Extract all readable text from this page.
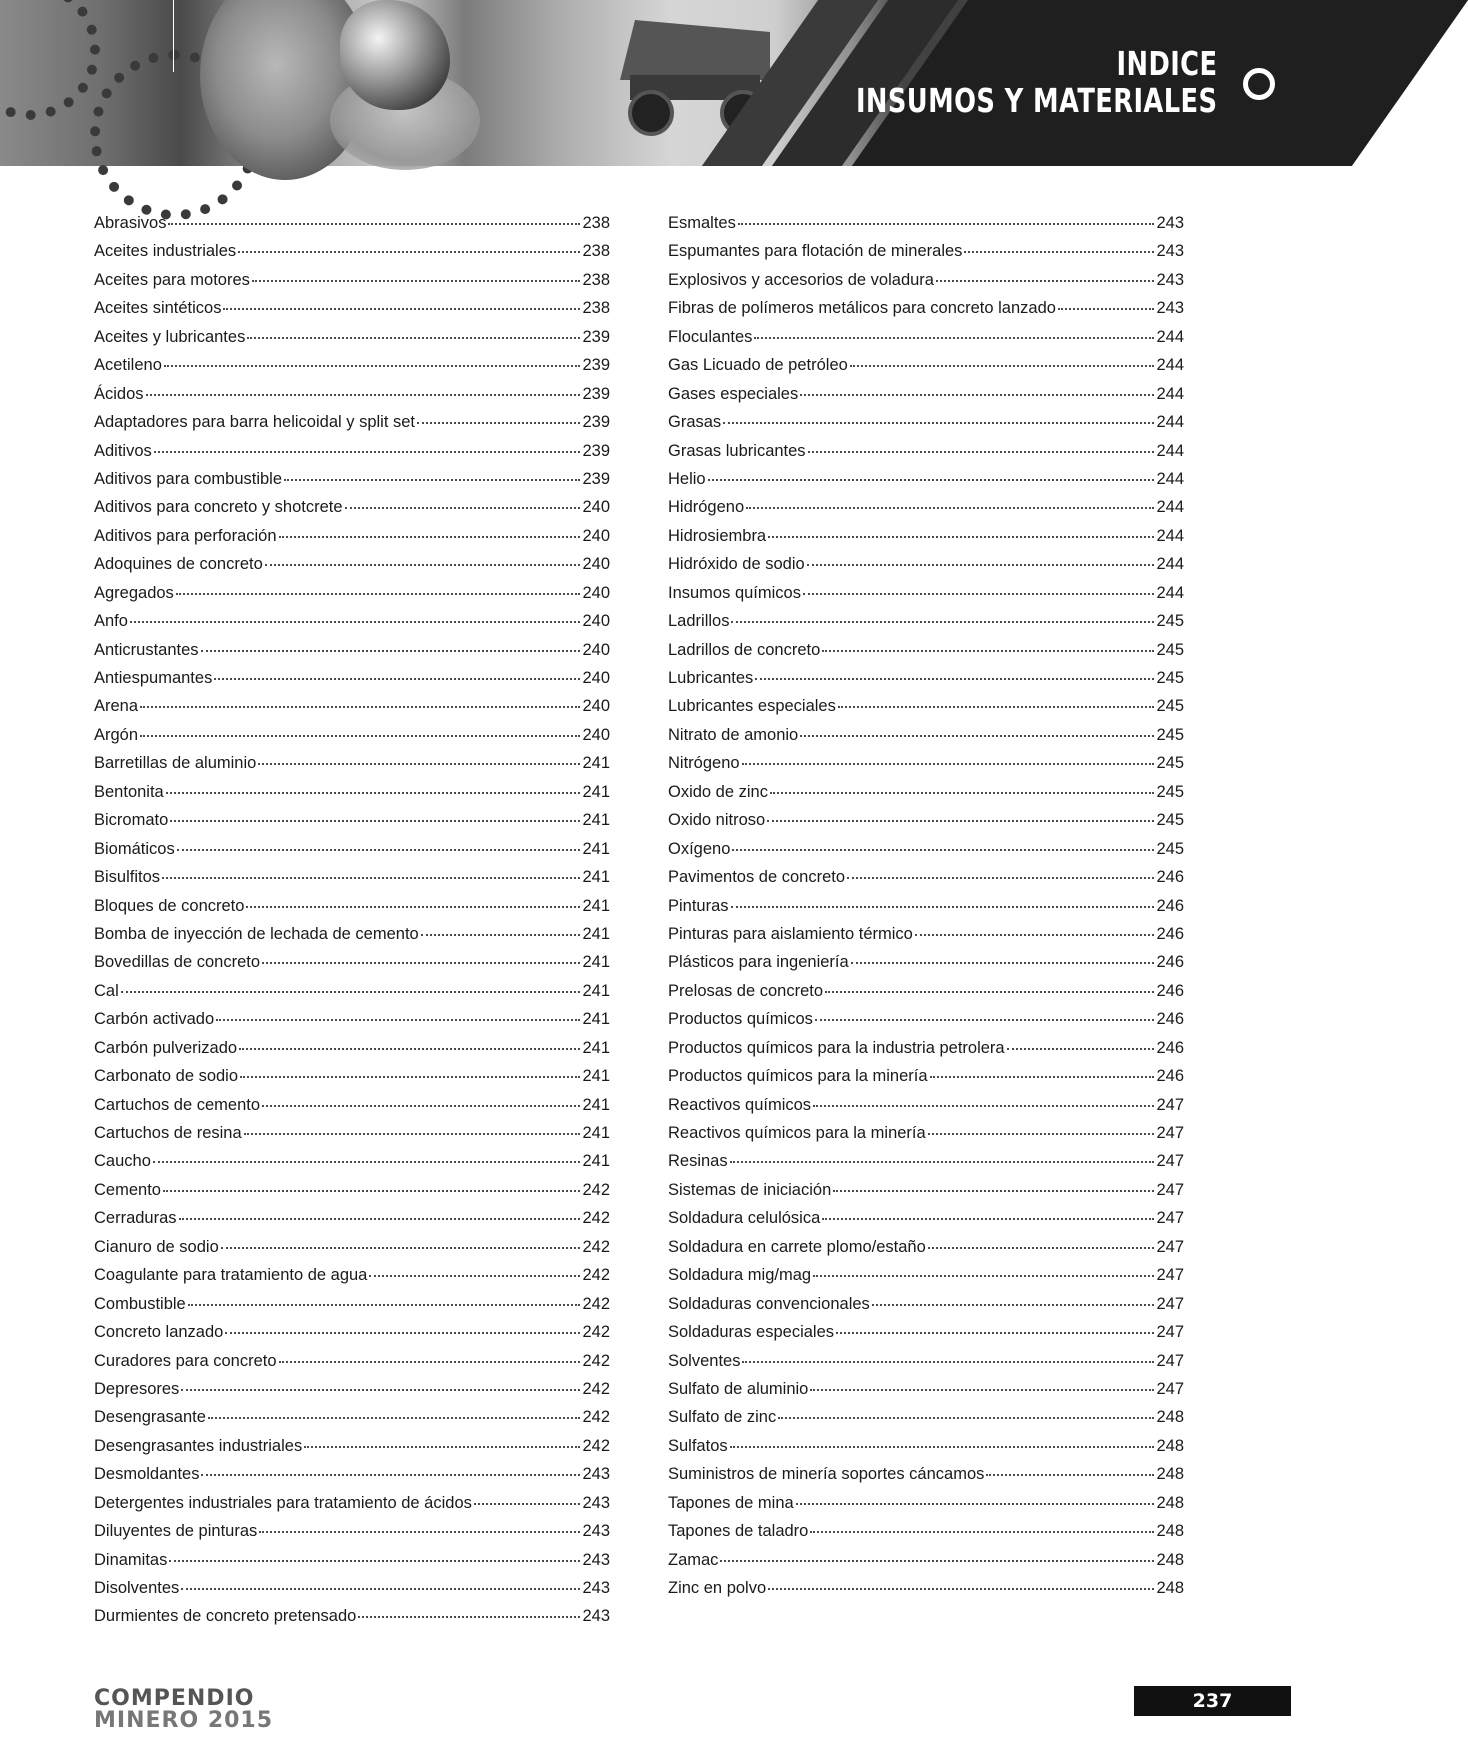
INDICE
INSUMOS Y MATERIALES
Abrasivos	238
Aceites industriales	238
Aceites para motores	238
Aceites sintéticos	238
Aceites y lubricantes	239
Acetileno	239
Ácidos	239
Adaptadores para barra helicoidal y split set	239
Aditivos	239
Aditivos para combustible	239
Aditivos para concreto y shotcrete	240
Aditivos para perforación	240
Adoquines de concreto	240
Agregados	240
Anfo	240
Anticrustantes	240
Antiespumantes	240
Arena	240
Argón	240
Barretillas de aluminio	241
Bentonita	241
Bicromato	241
Biomáticos	241
Bisulfitos	241
Bloques de concreto	241
Bomba de inyección de lechada de cemento	241
Bovedillas de concreto	241
Cal	241
Carbón activado	241
Carbón pulverizado	241
Carbonato de sodio	241
Cartuchos de cemento	241
Cartuchos de resina	241
Caucho	241
Cemento	242
Cerraduras	242
Cianuro de sodio	242
Coagulante para tratamiento de agua	242
Combustible	242
Concreto lanzado	242
Curadores para concreto	242
Depresores	242
Desengrasante	242
Desengrasantes industriales	242
Desmoldantes	243
Detergentes industriales para tratamiento de ácidos	243
Diluyentes de pinturas	243
Dinamitas	243
Disolventes	243
Durmientes de concreto pretensado	243
Esmaltes	243
Espumantes para flotación de minerales	243
Explosivos y accesorios de voladura	243
Fibras de polímeros metálicos para concreto lanzado	243
Floculantes	244
Gas Licuado de petróleo	244
Gases especiales	244
Grasas	244
Grasas lubricantes	244
Helio	244
Hidrógeno	244
Hidrosiembra	244
Hidróxido de sodio	244
Insumos químicos	244
Ladrillos	245
Ladrillos de concreto	245
Lubricantes	245
Lubricantes especiales	245
Nitrato de amonio	245
Nitrógeno	245
Oxido de zinc	245
Oxido nitroso	245
Oxígeno	245
Pavimentos de concreto	246
Pinturas	246
Pinturas para aislamiento térmico	246
Plásticos para ingeniería	246
Prelosas de concreto	246
Productos químicos	246
Productos químicos para la industria petrolera	246
Productos químicos para la minería	246
Reactivos químicos	247
Reactivos químicos para la minería	247
Resinas	247
Sistemas de iniciación	247
Soldadura celulósica	247
Soldadura en carrete plomo/estaño	247
Soldadura mig/mag	247
Soldaduras convencionales	247
Soldaduras especiales	247
Solventes	247
Sulfato de aluminio	247
Sulfato de zinc	248
Sulfatos	248
Suministros de minería soportes cáncamos	248
Tapones de mina	248
Tapones de taladro	248
Zamac	248
Zinc en polvo	248
COMPENDIO
MINERO 2015
237
